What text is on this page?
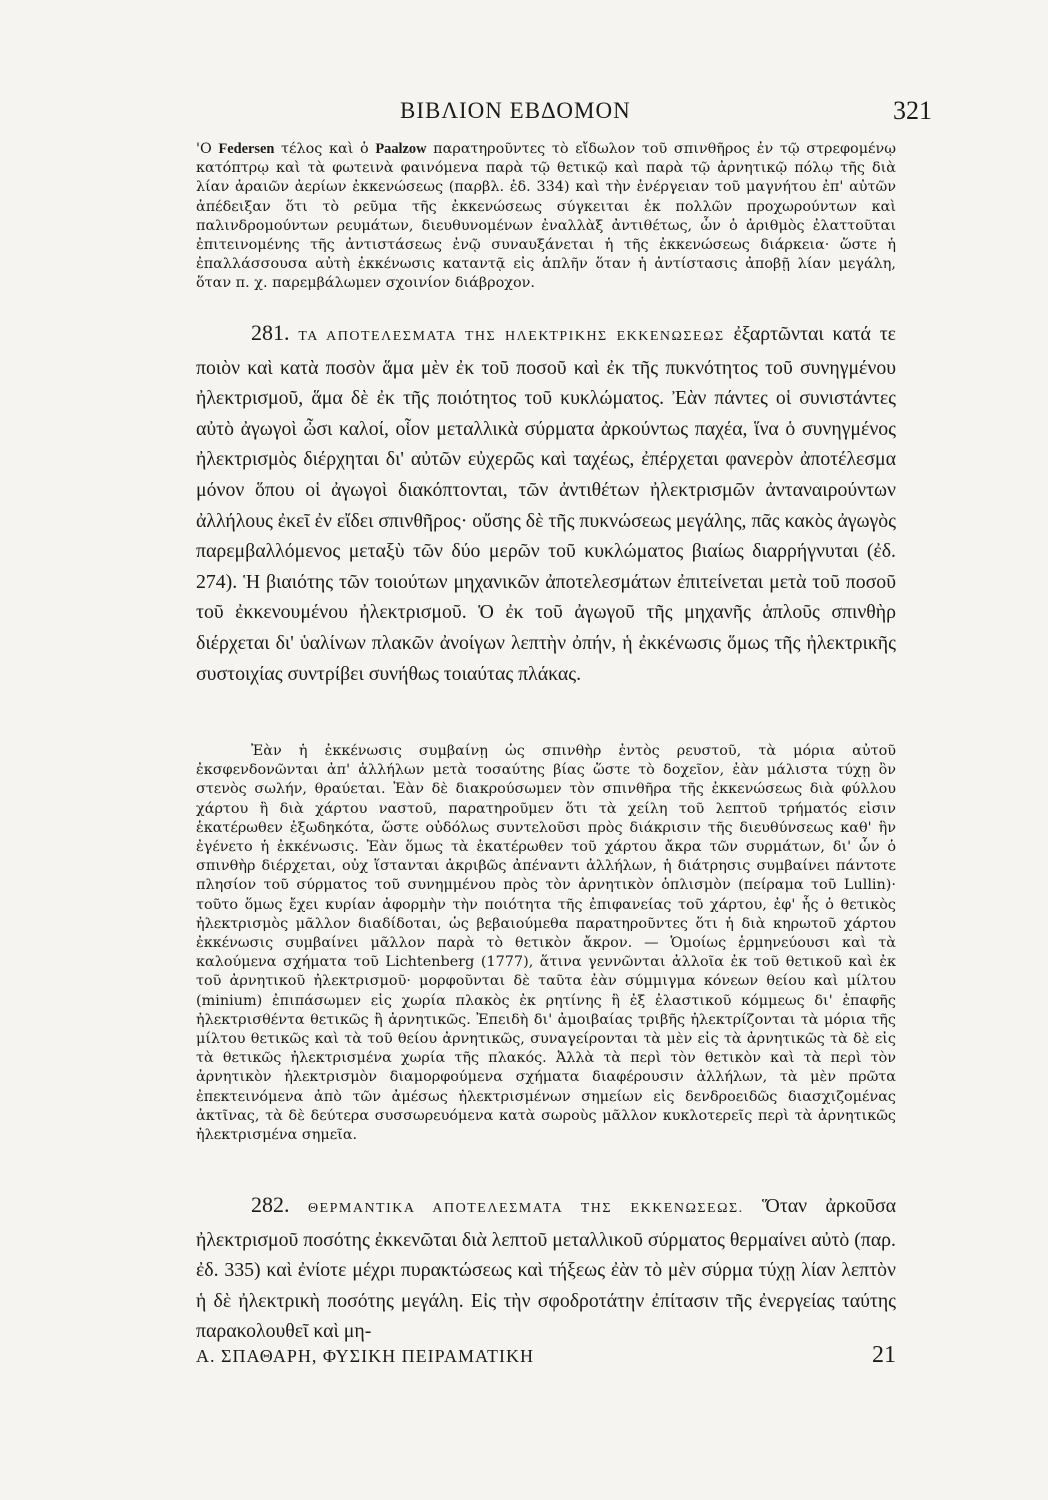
ΒΙΒΛΙΟΝ ΕΒΔΟΜΟΝ	321

'Ο Federsen τέλος καὶ ὁ Paalzow παρατηροῦντες τὸ εἴδωλον τοῦ σπινθῆρος ἐν τῷ στρεφομένῳ κατόπτρῳ καὶ τὰ φωτεινὰ φαινόμενα παρὰ τῷ θετικῷ καὶ παρὰ τῷ ἀρνητικῷ πόλῳ τῆς διὰ λίαν ἀραιῶν ἀερίων ἐκκενώσεως (παρβλ. ἐδ. 334) καὶ τὴν ἐνέργειαν τοῦ μαγνήτου ἐπ' αὐτῶν ἀπέδειξαν ὅτι τὸ ρεῦμα τῆς ἐκκενώσεως σύγκειται ἐκ πολλῶν προχωρούντων καὶ παλινδρομούντων ρευμάτων, διευθυνομένων ἐναλλὰξ ἀντιθέτως, ὧν ὁ ἀριθμὸς ἐλαττοῦται ἐπιτεινομένης τῆς ἀντιστάσεως ἐνῷ συναυξάνεται ἡ τῆς ἐκκενώσεως διάρκεια· ὥστε ἡ ἐπαλλάσσουσα αὐτὴ ἐκκένωσις καταντᾷ εἰς ἁπλῆν ὅταν ἡ ἀντίστασις ἀποβῇ λίαν μεγάλη, ὅταν π. χ. παρεμβάλωμεν σχοινίον διάβροχον.

281. ΤΑ ΑΠΟΤΕΛΕΣΜΑΤΑ ΤΗΣ ΗΛΕΚΤΡΙΚΗΣ ΕΚΚΕΝΩΣΕΩΣ ἐξαρτῶνται κατά τε ποιὸν καὶ κατὰ ποσὸν ἅμα μὲν ἐκ τοῦ ποσοῦ καὶ ἐκ τῆς πυκνότητος τοῦ συνηγμένου ἠλεκτρισμοῦ, ἅμα δὲ ἐκ τῆς ποιότητος τοῦ κυκλώματος. Ἐὰν πάντες οἱ συνιστάντες αὐτὸ ἀγωγοὶ ὦσι καλοί, οἷον μεταλλικὰ σύρματα ἀρκούντως παχέα, ἵνα ὁ συνηγμένος ἠλεκτρισμὸς διέρχηται δι' αὐτῶν εὐχερῶς καὶ ταχέως, ἐπέρχεται φανερὸν ἀποτέλεσμα μόνον ὅπου οἱ ἀγωγοὶ διακόπτονται, τῶν ἀντιθέτων ἠλεκτρισμῶν ἀνταναιρούντων ἀλλήλους ἐκεῖ ἐν εἴδει σπινθῆρος· οὔσης δὲ τῆς πυκνώσεως μεγάλης, πᾶς κακὸς ἀγωγὸς παρεμβαλλόμενος μεταξὺ τῶν δύο μερῶν τοῦ κυκλώματος βιαίως διαρρήγνυται (ἐδ. 274). Ἡ βιαιότης τῶν τοιούτων μηχανικῶν ἀποτελεσμάτων ἐπιτείνεται μετὰ τοῦ ποσοῦ τοῦ ἐκκενουμένου ἠλεκτρισμοῦ. Ὁ ἐκ τοῦ ἀγωγοῦ τῆς μηχανῆς ἁπλοῦς σπινθὴρ διέρχεται δι' ὑαλίνων πλακῶν ἀνοίγων λεπτὴν ὀπήν, ἡ ἐκκένωσις ὅμως τῆς ἠλεκτρικῆς συστοιχίας συντρίβει συνήθως τοιαύτας πλάκας.

Ἐὰν ἡ ἐκκένωσις συμβαίνῃ ὡς σπινθὴρ ἐντὸς ρευστοῦ, τὰ μόρια αὐτοῦ ἐκσφενδονῶνται ἀπ' ἀλλήλων μετὰ τοσαύτης βίας ὥστε τὸ δοχεῖον, ἐὰν μάλιστα τύχῃ ὂν στενὸς σωλήν, θραύεται. Ἐὰν δὲ διακρούσωμεν τὸν σπινθῆρα τῆς ἐκκενώσεως διὰ φύλλου χάρτου ἢ διὰ χάρτου ναστοῦ, παρατηροῦμεν ὅτι τὰ χείλη τοῦ λεπτοῦ τρήματός εἰσιν ἑκατέρωθεν ἐξωδηκότα, ὥστε οὐδόλως συντελοῦσι πρὸς διάκρισιν τῆς διευθύνσεως καθ' ἣν ἐγένετο ἡ ἐκκένωσις. Ἐὰν ὅμως τὰ ἑκατέρωθεν τοῦ χάρτου ἄκρα τῶν συρμάτων, δι' ὧν ὁ σπινθὴρ διέρχεται, οὐχ ἵστανται ἀκριβῶς ἀπέναντι ἀλλήλων, ἡ διάτρησις συμβαίνει πάντοτε πλησίον τοῦ σύρματος τοῦ συνημμένου πρὸς τὸν ἀρνητικὸν ὁπλισμὸν (πείραμα τοῦ Lullin)· τοῦτο ὅμως ἔχει κυρίαν ἀφορμὴν τὴν ποιότητα τῆς ἐπιφανείας τοῦ χάρτου, ἐφ' ἧς ὁ θετικὸς ἠλεκτρισμὸς μᾶλλον διαδίδοται, ὡς βεβαιούμεθα παρατηροῦντες ὅτι ἡ διὰ κηρωτοῦ χάρτου ἐκκένωσις συμβαίνει μᾶλλον παρὰ τὸ θετικὸν ἄκρον. — Ὁμοίως ἑρμηνεύουσι καὶ τὰ καλούμενα σχήματα τοῦ Lichtenberg (1777), ἅτινα γεννῶνται ἀλλοῖα ἐκ τοῦ θετικοῦ καὶ ἐκ τοῦ ἀρνητικοῦ ἠλεκτρισμοῦ· μορφοῦνται δὲ ταῦτα ἐὰν σύμμιγμα κόνεων θείου καὶ μίλτου (minium) ἐπιπάσωμεν εἰς χωρία πλακὸς ἐκ ρητίνης ἢ ἐξ ἐλαστικοῦ κόμμεως δι' ἐπαφῆς ἠλεκτρισθέντα θετικῶς ἢ ἀρνητικῶς. Ἐπειδὴ δι' ἀμοιβαίας τριβῆς ἠλεκτρίζονται τὰ μόρια τῆς μίλτου θετικῶς καὶ τὰ τοῦ θείου ἀρνητικῶς, συναγείρονται τὰ μὲν εἰς τὰ ἀρνητικῶς τὰ δὲ εἰς τὰ θετικῶς ἠλεκτρισμένα χωρία τῆς πλακός. Ἀλλὰ τὰ περὶ τὸν θετικὸν καὶ τὰ περὶ τὸν ἀρνητικὸν ἠλεκτρισμὸν διαμορφούμενα σχήματα διαφέρουσιν ἀλλήλων, τὰ μὲν πρῶτα ἐπεκτεινόμενα ἀπὸ τῶν ἀμέσως ἠλεκτρισμένων σημείων εἰς δενδροειδῶς διασχιζομένας ἀκτῖνας, τὰ δὲ δεύτερα συσσωρευόμενα κατὰ σωροὺς μᾶλλον κυκλοτερεῖς περὶ τὰ ἀρνητικῶς ἠλεκτρισμένα σημεῖα.

282. ΘΕΡΜΑΝΤΙΚΑ ΑΠΟΤΕΛΕΣΜΑΤΑ ΤΗΣ ΕΚΚΕΝΩΣΕΩΣ. Ὅταν ἀρκοῦσα ἠλεκτρισμοῦ ποσότης ἐκκενῶται διὰ λεπτοῦ μεταλλικοῦ σύρματος θερμαίνει αὐτὸ (παρ. ἐδ. 335) καὶ ἐνίοτε μέχρι πυρακτώσεως καὶ τήξεως ἐὰν τὸ μὲν σύρμα τύχῃ λίαν λεπτὸν ἡ δὲ ἠλεκτρικὴ ποσότης μεγάλη. Εἰς τὴν σφοδροτάτην ἐπίτασιν τῆς ἐνεργείας ταύτης παρακολουθεῖ καὶ μη-

Α. ΣΠΑΘΑΡΗ, ΦΥΣΙΚΗ ΠΕΙΡΑΜΑΤΙΚΗ	21
